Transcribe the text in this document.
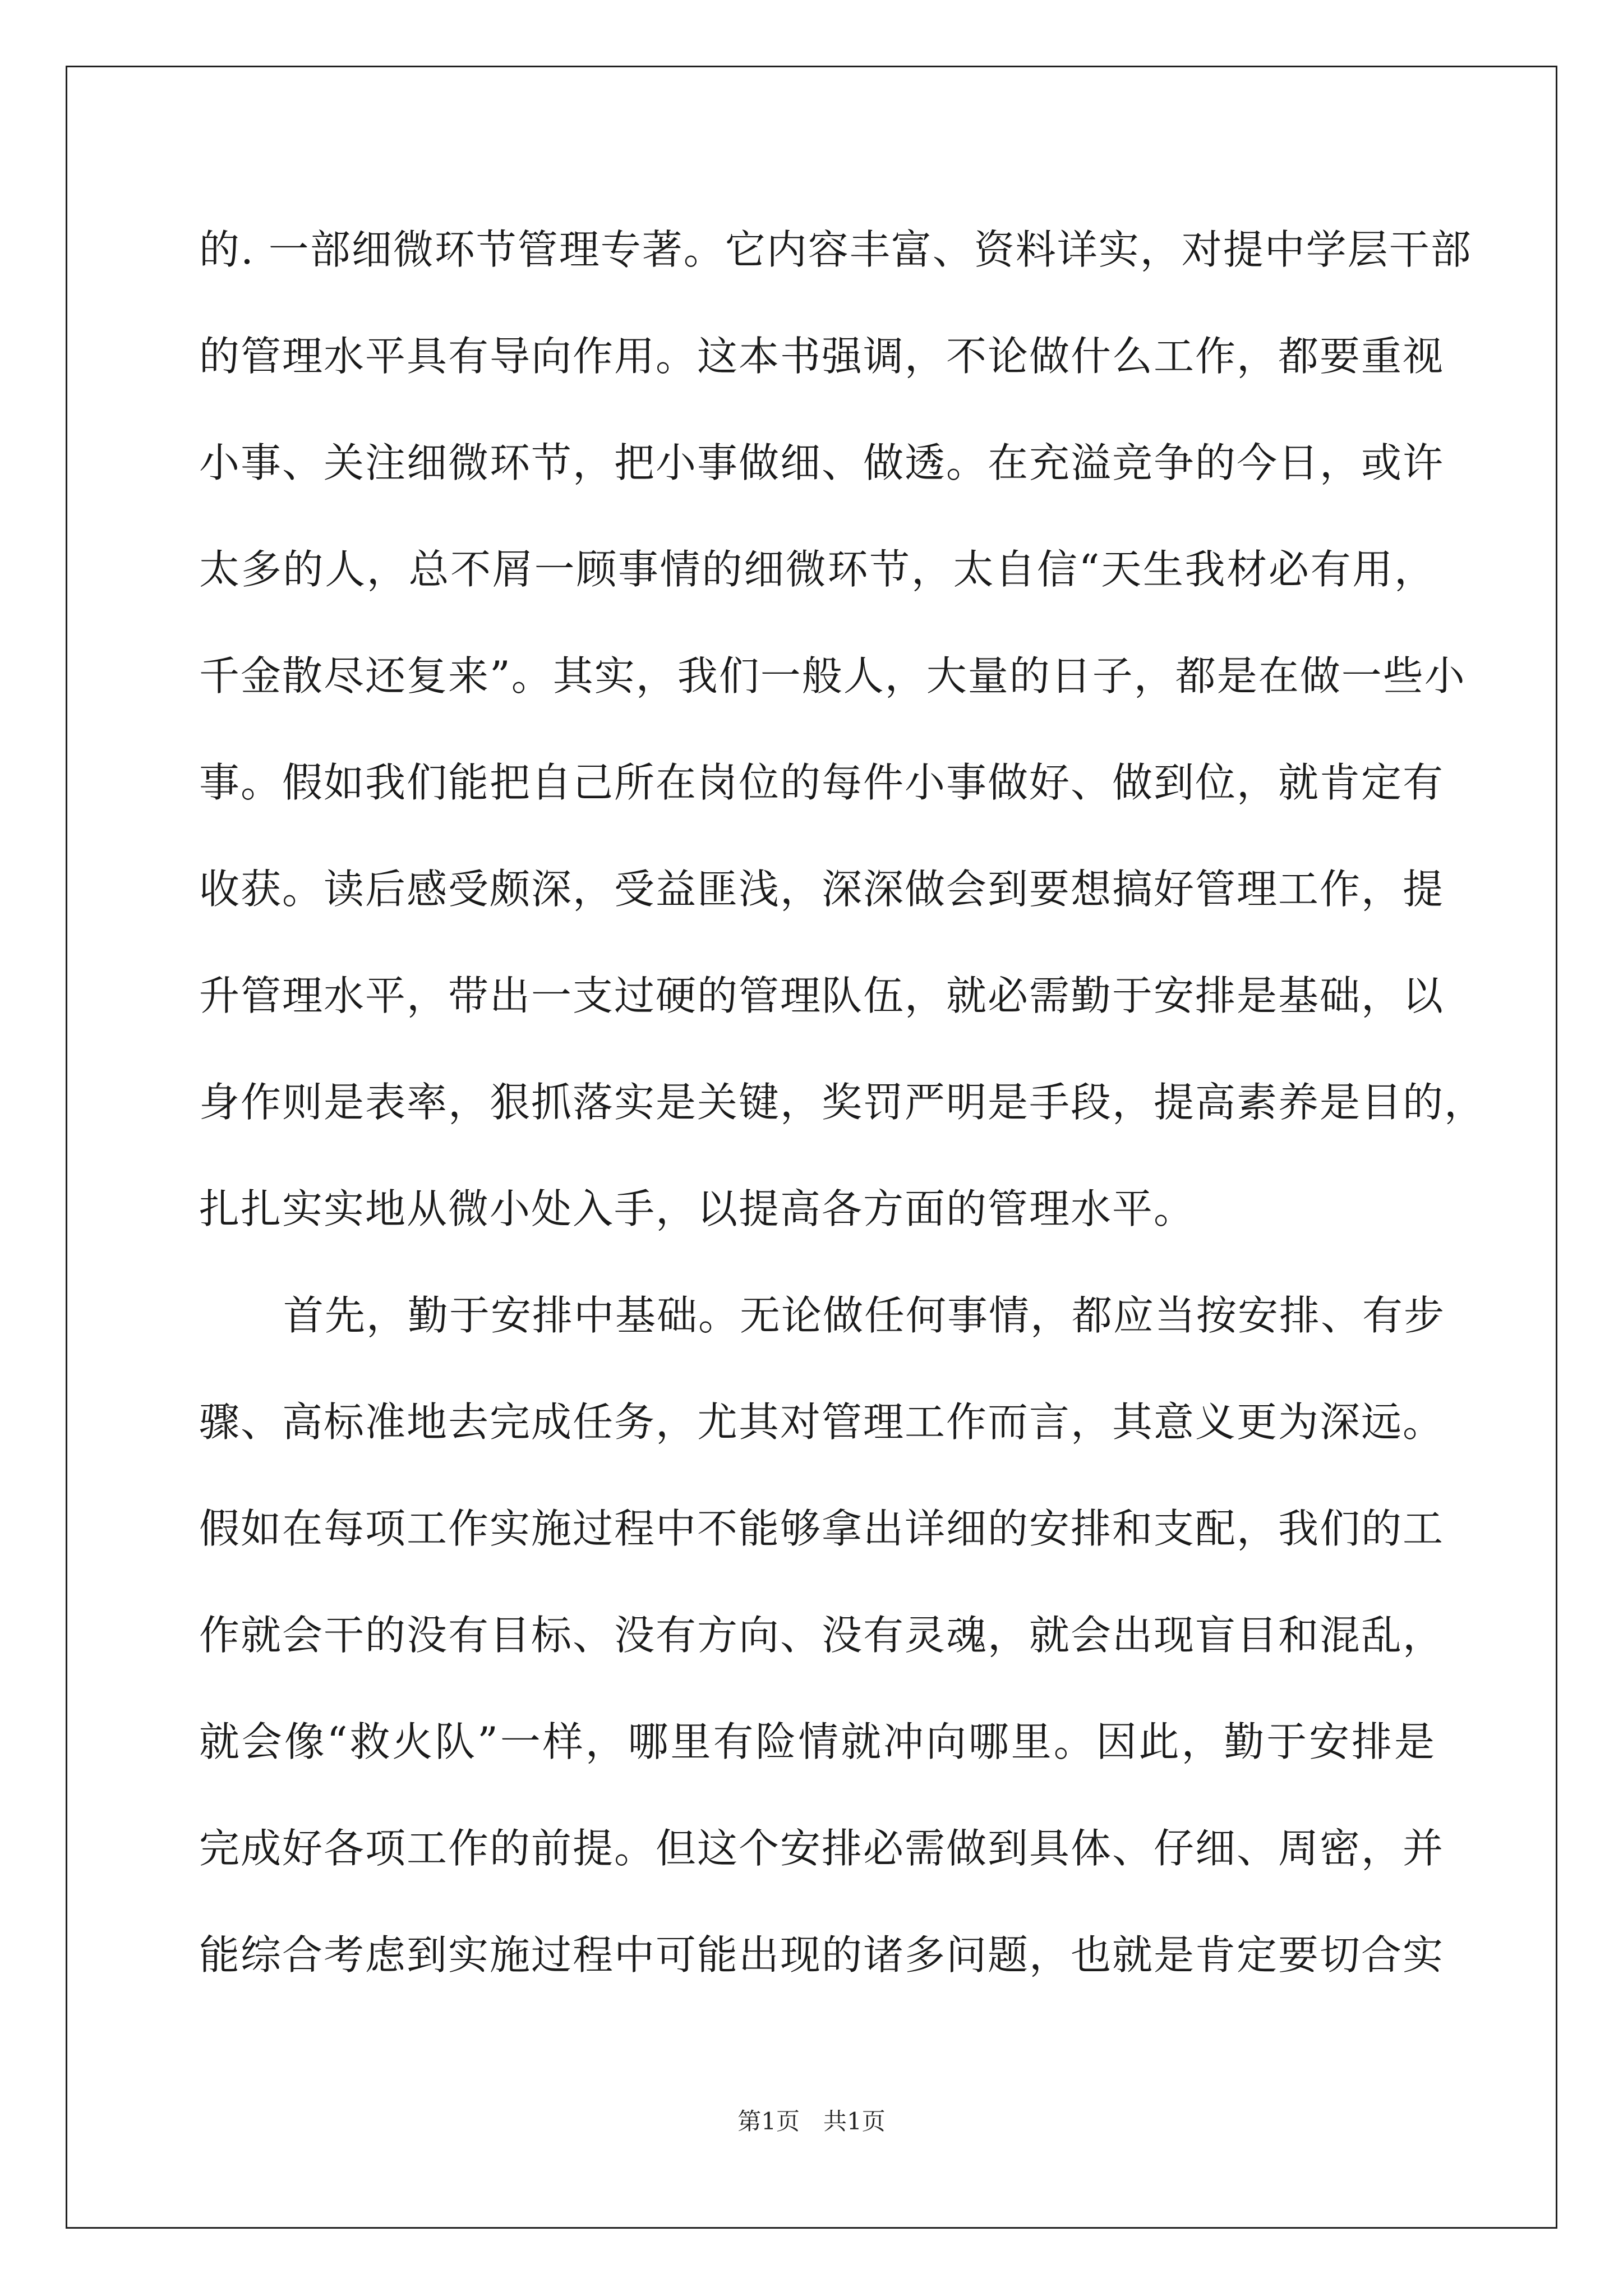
的. 一部细微环节管理专著。它内容丰富、资料详实，对提中学层干部
的管理水平具有导向作用。这本书强调，不论做什么工作，都要重视
小事、关注细微环节，把小事做细、做透。在充溢竞争的今日，或许
太多的人，总不屑一顾事情的细微环节，太自信“天生我材必有用，
千金散尽还复来”。其实，我们一般人，大量的日子，都是在做一些小
事。假如我们能把自己所在岗位的每件小事做好、做到位，就肯定有
收获。读后感受颇深，受益匪浅，深深做会到要想搞好管理工作，提
升管理水平，带出一支过硬的管理队伍，就必需勤于安排是基础，以
身作则是表率，狠抓落实是关键，奖罚严明是手段，提高素养是目的，
扎扎实实地从微小处入手，以提高各方面的管理水平。
首先，勤于安排中基础。无论做任何事情，都应当按安排、有步
骤、高标准地去完成任务，尤其对管理工作而言，其意义更为深远。
假如在每项工作实施过程中不能够拿出详细的安排和支配，我们的工
作就会干的没有目标、没有方向、没有灵魂，就会出现盲目和混乱，
就会像“救火队”一样，哪里有险情就冲向哪里。因此，勤于安排是
完成好各项工作的前提。但这个安排必需做到具体、仔细、周密，并
能综合考虑到实施过程中可能出现的诸多问题，也就是肯定要切合实
第1页　共1页
